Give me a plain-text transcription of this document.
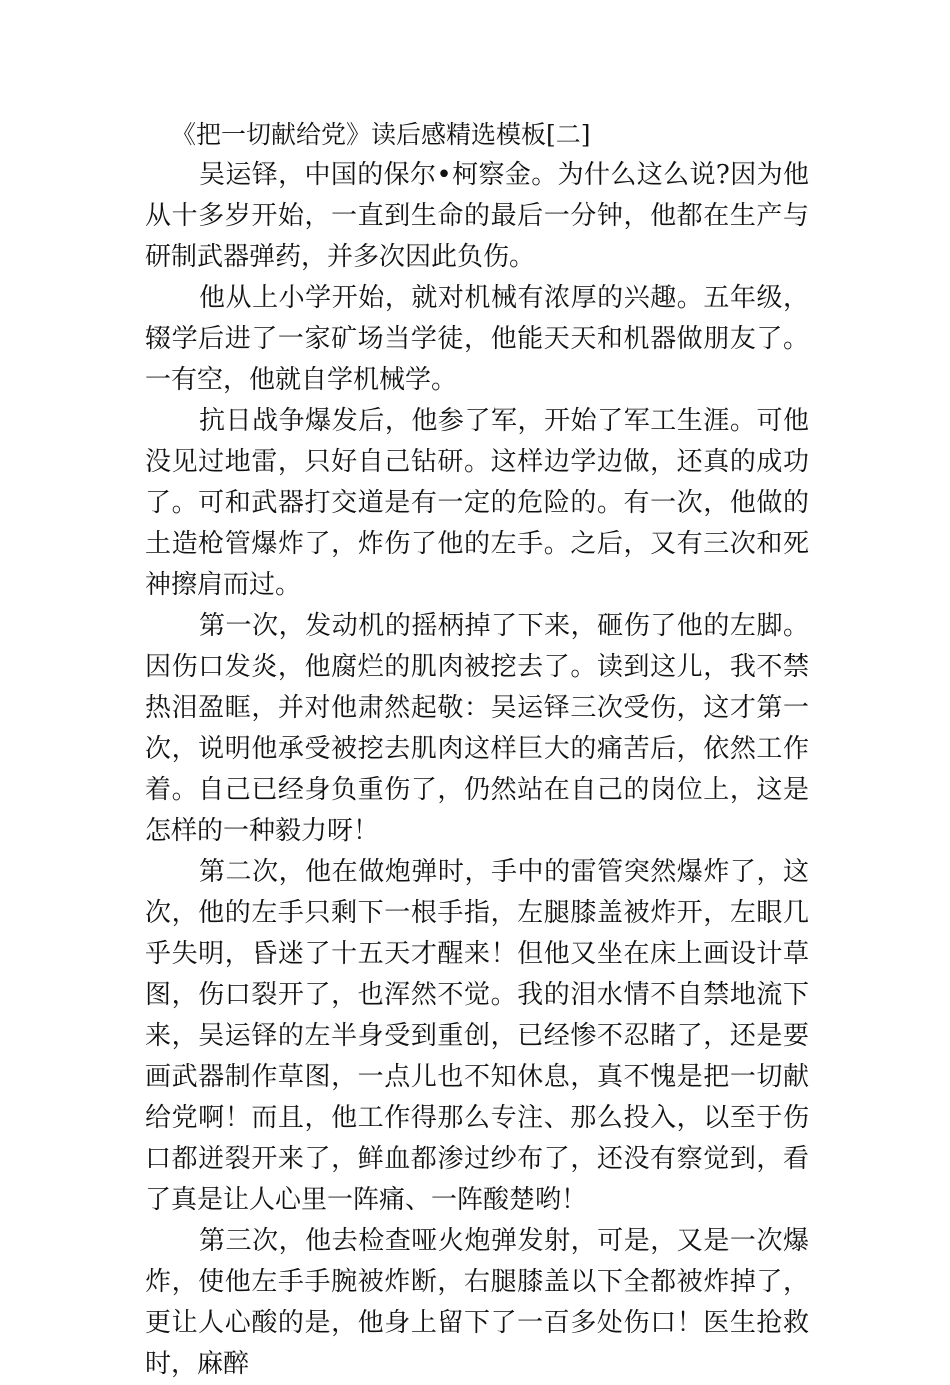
《把一切献给党》读后感精选模板[二]

吴运铎，中国的保尔•柯察金。为什么这么说?因为他从十多岁开始，一直到生命的最后一分钟，他都在生产与研制武器弹药，并多次因此负伤。

他从上小学开始，就对机械有浓厚的兴趣。五年级，辍学后进了一家矿场当学徒，他能天天和机器做朋友了。一有空，他就自学机械学。

抗日战争爆发后，他参了军，开始了军工生涯。可他没见过地雷，只好自己钻研。这样边学边做，还真的成功了。可和武器打交道是有一定的危险的。有一次，他做的土造枪管爆炸了，炸伤了他的左手。之后，又有三次和死神擦肩而过。

第一次，发动机的摇柄掉了下来，砸伤了他的左脚。因伤口发炎，他腐烂的肌肉被挖去了。读到这儿，我不禁热泪盈眶，并对他肃然起敬：吴运铎三次受伤，这才第一次，说明他承受被挖去肌肉这样巨大的痛苦后，依然工作着。自己已经身负重伤了，仍然站在自己的岗位上，这是怎样的一种毅力呀！

第二次，他在做炮弹时，手中的雷管突然爆炸了，这次，他的左手只剩下一根手指，左腿膝盖被炸开，左眼几乎失明，昏迷了十五天才醒来！但他又坐在床上画设计草图，伤口裂开了，也浑然不觉。我的泪水情不自禁地流下来，吴运铎的左半身受到重创，已经惨不忍睹了，还是要画武器制作草图，一点儿也不知休息，真不愧是把一切献给党啊！而且，他工作得那么专注、那么投入，以至于伤口都迸裂开来了，鲜血都渗过纱布了，还没有察觉到，看了真是让人心里一阵痛、一阵酸楚哟！

第三次，他去检查哑火炮弹发射，可是，又是一次爆炸，使他左手手腕被炸断，右腿膝盖以下全都被炸掉了，更让人心酸的是，他身上留下了一百多处伤口！医生抢救时，麻醉
